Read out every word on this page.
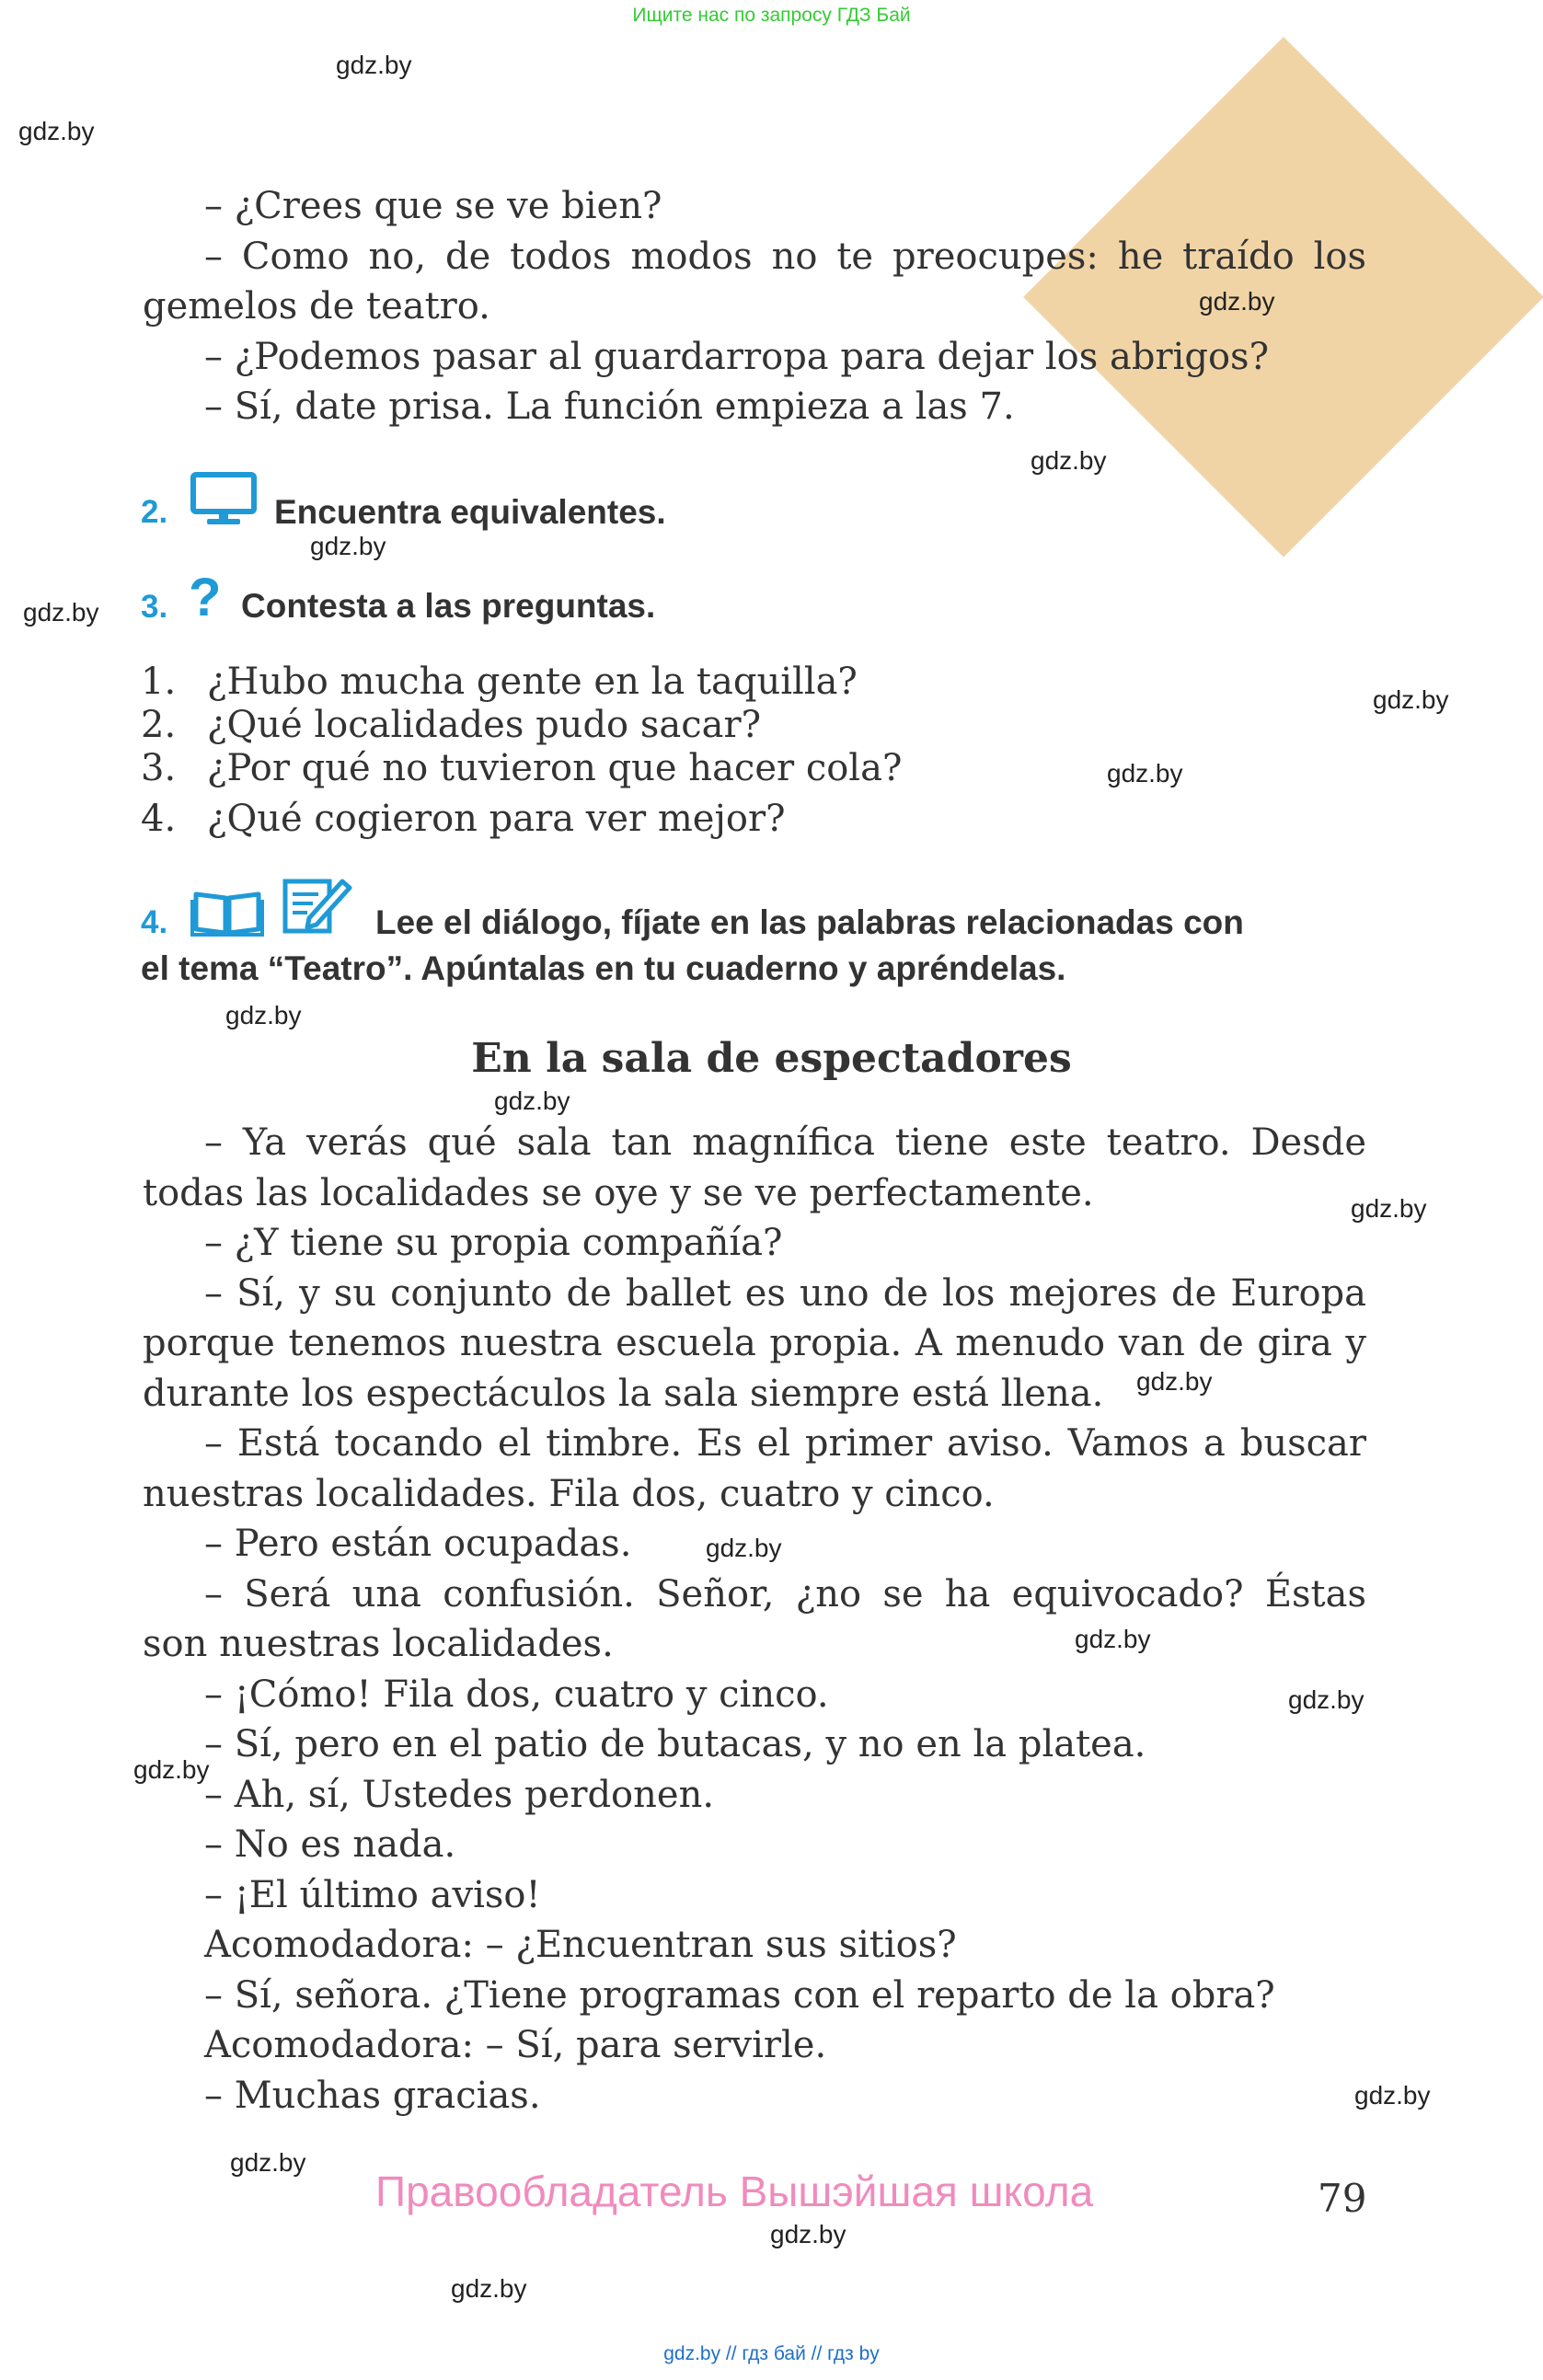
Ищите нас по запросу ГДЗ Бай
gdz.by
gdz.by
gdz.by
gdz.by
gdz.by
gdz.by
gdz.by
gdz.by
gdz.by
gdz.by
gdz.by
gdz.by
gdz.by
gdz.by
gdz.by
gdz.by
gdz.by
gdz.by
gdz.by
gdz.by
– ¿Crees que se ve bien?
– Como no, de todos modos no te preocupes: he traído los
gemelos de teatro.
– ¿Podemos pasar al guardarropa para dejar los abrigos?
– Sí, date prisa. La función empieza a las 7.
2.	Encuentra equivalentes.
3. ? Contesta a las preguntas.
1. ¿Hubo mucha gente en la taquilla?
2. ¿Qué localidades pudo sacar?
3. ¿Por qué no tuvieron que hacer cola?
4. ¿Qué cogieron para ver mejor?
4.	Lee el diálogo, fíjate en las palabras relacionadas con
el tema “Teatro”. Apúntalas en tu cuaderno y apréndelas.
En la sala de espectadores
– Ya verás qué sala tan magnífica tiene este teatro. Desde
todas las localidades se oye y se ve perfectamente.
– ¿Y tiene su propia compañía?
– Sí, y su conjunto de ballet es uno de los mejores de Europa
porque tenemos nuestra escuela propia. A menudo van de gira y
durante los espectáculos la sala siempre está llena.
– Está tocando el timbre. Es el primer aviso. Vamos a buscar
nuestras localidades. Fila dos, cuatro y cinco.
– Pero están ocupadas.
– Será una confusión. Señor, ¿no se ha equivocado? Éstas
son nuestras localidades.
– ¡Cómo! Fila dos, cuatro y cinco.
– Sí, pero en el patio de butacas, y no en la platea.
– Ah, sí, Ustedes perdonen.
– No es nada.
– ¡El último aviso!
Acomodadora: – ¿Encuentran sus sitios?
– Sí, señora. ¿Tiene programas con el reparto de la obra?
Acomodadora: – Sí, para servirle.
– Muchas gracias.
Правообладатель Вышэйшая школа	79
gdz.by // гдз бай // гдз by
